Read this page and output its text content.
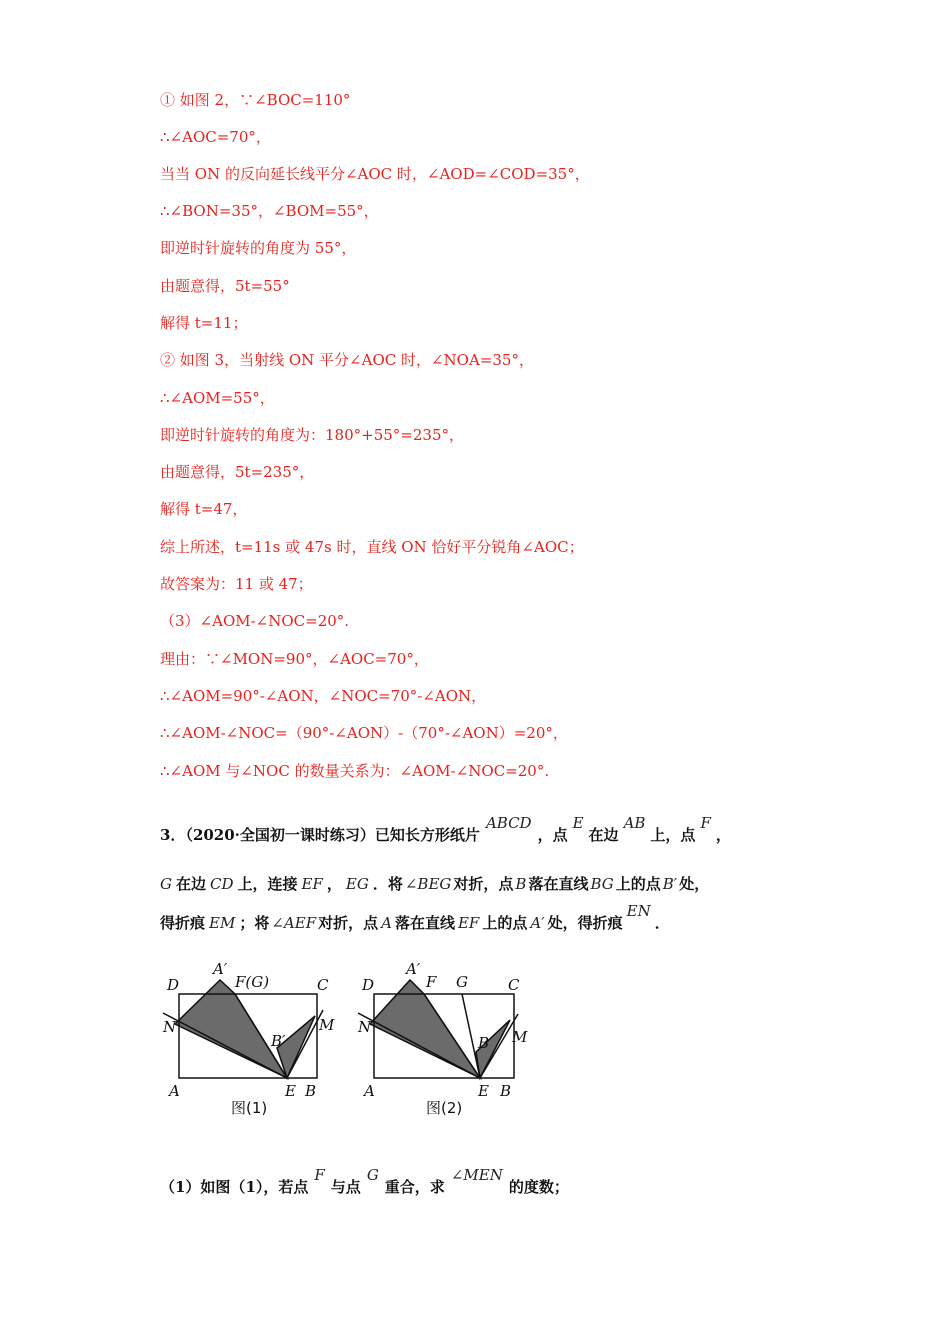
① 如图 2，∵∠BOC=110°
∴∠AOC=70°，
当当 ON 的反向延长线平分∠AOC 时，∠AOD=∠COD=35°，
∴∠BON=35°，∠BOM=55°，
即逆时针旋转的角度为 55°，
由题意得，5t=55°
解得 t=11；
② 如图 3，当射线 ON 平分∠AOC 时，∠NOA=35°，
∴∠AOM=55°，
即逆时针旋转的角度为：180°+55°=235°，
由题意得，5t=235°，
解得 t=47，
综上所述，t=11s 或 47s 时，直线 ON 恰好平分锐角∠AOC；
故答案为：11 或 47；
（3）∠AOM-∠NOC=20°.
理由：∵∠MON=90°，∠AOC=70°，
∴∠AOM=90°-∠AON，∠NOC=70°-∠AON，
∴∠AOM-∠NOC=（90°-∠AON）-（70°-∠AON）=20°，
∴∠AOM 与∠NOC 的数量关系为：∠AOM-∠NOC=20°.
3．（2020·全国初一课时练习）已知长方形纸片ABCD，点E在边AB上，点F，
G 在边 CD 上，连接 EF ， EG ．将 ∠BEG 对折，点 B 落在直线 BG 上的点 B′ 处，
得折痕 EM ；将 ∠AEF 对折，点 A 落在直线 EF 上的点 A′ 处，得折痕EN．
D
A′
F(G)	C
N	M
B′
A	E B
图(1)
D
A′
F G	C
N
M
B′
A	E B
图(2)
（1）如图（1），若点F与点G重合，求∠MEN的度数；
